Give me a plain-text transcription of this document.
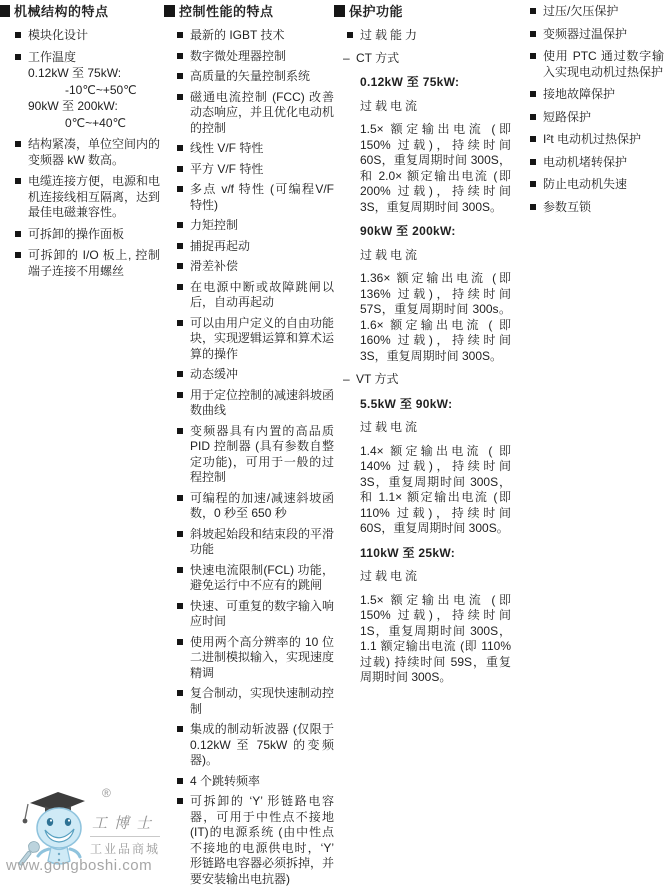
机械结构的特点
模块化设计
工作温度
0.12kW 至 75kW:
-10℃~+50℃
90kW 至 200kW:
0℃~+40℃
结构紧凑，单位空间内的变频器 kW 数高。
电缆连接方便，电源和电机连接线相互隔离，达到最佳电磁兼容性。
可拆卸的操作面板
可拆卸的 I/O 板上, 控制端子连接不用螺丝
控制性能的特点
最新的 IGBT 技术
数字微处理器控制
高质量的矢量控制系统
磁通电流控制 (FCC) 改善动态响应，并且优化电动机的控制
线性 V/F 特性
平方 V/F 特性
多点 v/f 特性 (可编程V/F 特性)
力矩控制
捕捉再起动
滑差补偿
在电源中断或故障跳闸以后，自动再起动
可以由用户定义的自由功能块，实现逻辑运算和算术运算的操作
动态缓冲
用于定位控制的减速斜坡函数曲线
变频器具有内置的高品质 PID 控制器 (具有参数自整定功能)，可用于一般的过程控制
可编程的加速/减速斜坡函数，0 秒至 650 秒
斜坡起始段和结束段的平滑功能
快速电流限制(FCL) 功能，避免运行中不应有的跳闸
快速、可重复的数字输入响应时间
使用两个高分辨率的 10 位二进制模拟输入，实现速度精调
复合制动，实现快速制动控制
集成的制动斩波器 (仅限于 0.12kW 至 75kW 的变频器)。
4 个跳转频率
可拆卸的 ‘Y’ 形链路电容器，可用于中性点不接地(IT)的电源系统 (由中性点不接地的电源供电时，‘Y’ 形链路电容器必须拆掉，并要安装输出电抗器)
保护功能
过载能力
– CT 方式
0.12kW 至 75kW:
过载电流
1.5× 额定输出电流 (即 150% 过载)，持续时间 60S，重复周期时间 300S，和 2.0× 额定输出电流 (即 200% 过载)，持续时间 3S，重复周期时间 300S。
90kW 至 200kW:
过载电流
1.36× 额定输出电流 (即 136% 过载)，持续时间 57S，重复周期时间 300s。1.6× 额定输出电流 ( 即 160% 过载)，持续时间 3S，重复周期时间 300S。
– VT 方式
5.5kW 至 90kW:
过载电流
1.4× 额定输出电流 ( 即 140% 过载)，持续时间 3S，重复周期时间 300S，和 1.1× 额定输出电流 (即 110% 过载)，持续时间 60S，重复周期时间 300S。
110kW 至 25kW:
过载电流
1.5× 额定输出电流 (即 150% 过载)，持续时间 1S，重复周期时间 300S，1.1 额定输出电流 (即 110% 过载) 持续时间 59S，重复周期时间 300S。
过压/欠压保护
变频器过温保护
使用 PTC 通过数字输入实现电动机过热保护
接地故障保护
短路保护
I²t 电动机过热保护
电动机堵转保护
防止电动机失速
参数互锁
®
工博士
工业品商城
www.gongboshi.com
